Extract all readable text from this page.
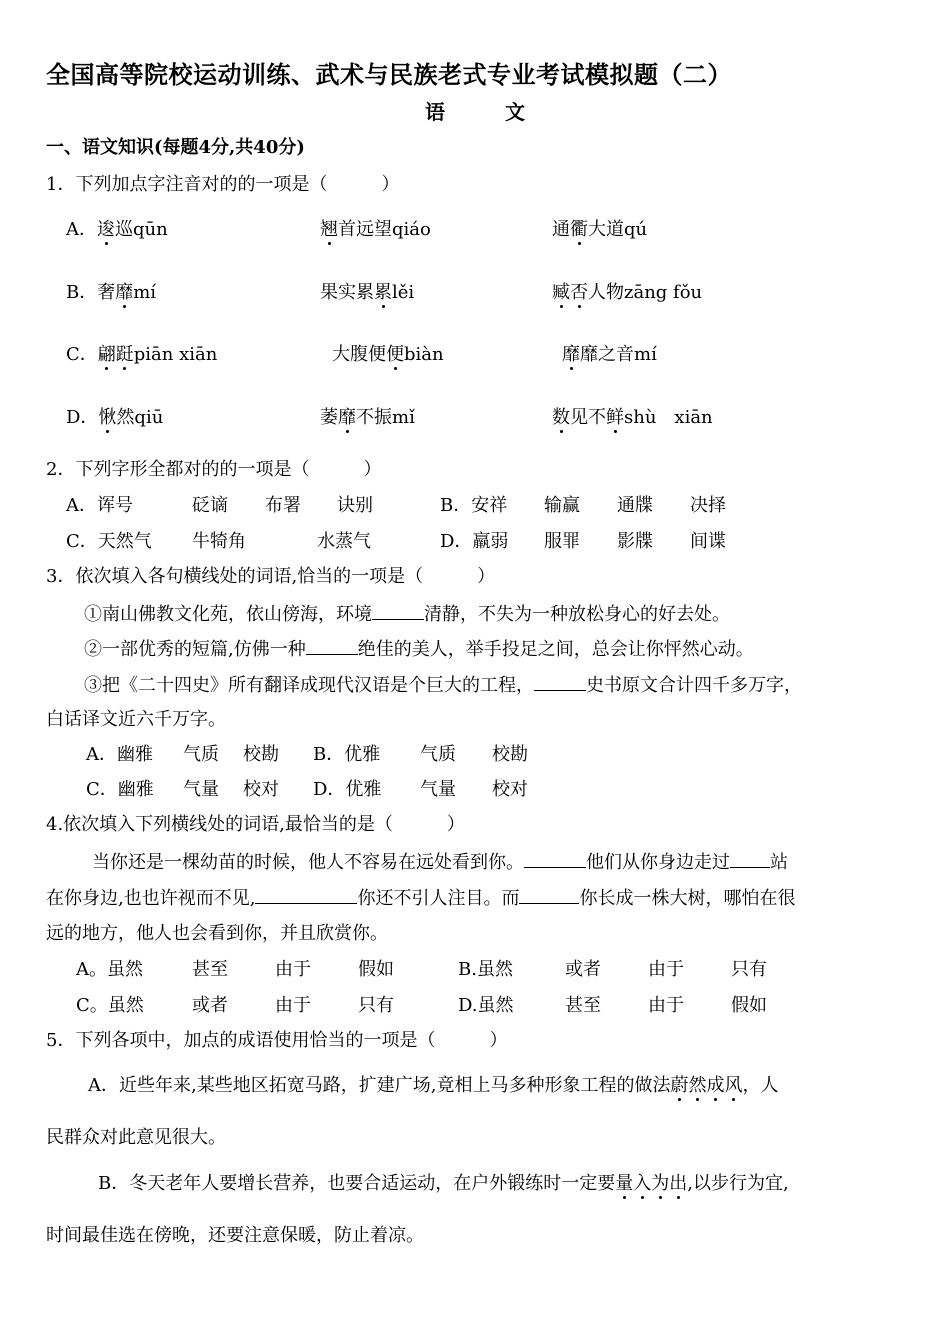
全国高等院校运动训练、武术与民族老式专业考试模拟题（二）
语　　　文
一、语文知识(每题4分,共40分)
1．下列加点字注音对的的一项是（　　　）
A．逡巡qūn	翘首远望qiáo	通衢大道qú
B．奢靡mí	果实累累lěi	臧否人物zāng fǒu
C．翩跹piān xiān	大腹便便biàn	靡靡之音mí
D．愀然qiū	萎靡不振mǐ	数见不鲜shù　xiān
2．下列字形全都对的的一项是（　　　）
A．诨号	砭谪 布署 诀别	B．安祥 输赢 通牒 决择
C．天然气 牛犄角	水蒸气	D．羸弱 服罪 影牒 间谍
3．依次填入各句横线处的词语,恰当的一项是（　　　）
①南山佛教文化苑，依山傍海，环境	清静，不失为一种放松身心的好去处。
②一部优秀的短篇,仿佛一种	绝佳的美人，举手投足之间，总会让你怦然心动。
③把《二十四史》所有翻译成现代汉语是个巨大的工程，	史书原文合计四千多万字，
白话译文近六千万字。
A．幽雅 气质 校勘 B．优雅 气质 校勘
C．幽雅 气量 校对 D．优雅 气量 校对
4.依次填入下列横线处的词语,最恰当的是（　　　）
当你还是一棵幼苗的时候，他人不容易在远处看到你。	他们从你身边走过 站
在你身边,也也许视而不见,	你还不引人注目。而	你长成一株大树，哪怕在很
远的地方，他人也会看到你，并且欣赏你。
A。虽然	甚至	由于	假如	B.虽然	或者	由于	只有
C。虽然	或者	由于	只有	D.虽然	甚至	由于	假如
5．下列各项中，加点的成语使用恰当的一项是（　　　）
A．近些年来,某些地区拓宽马路，扩建广场,竟相上马多种形象工程的做法蔚然成风，人
民群众对此意见很大。
B．冬天老年人要增长营养，也要合适运动，在户外锻练时一定要量入为出,以步行为宜,
时间最佳选在傍晚，还要注意保暖，防止着凉。
